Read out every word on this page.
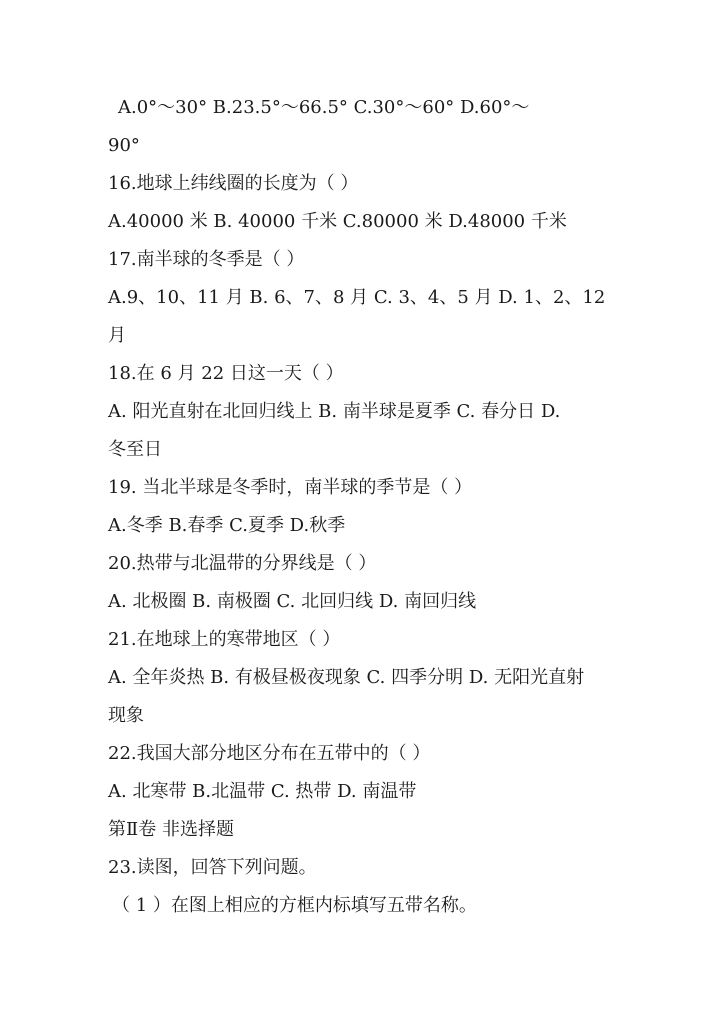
A.0°～30° B.23.5°～66.5° C.30°～60° D.60°～
90°
16.地球上纬线圈的长度为（ ）
A.40000 米 B. 40000 千米 C.80000 米 D.48000 千米
17.南半球的冬季是（ ）
A.9、10、11 月 B. 6、7、8 月 C. 3、4、5 月 D. 1、2、12
月
18.在 6 月 22 日这一天（ ）
A. 阳光直射在北回归线上 B. 南半球是夏季 C. 春分日 D.
冬至日
19. 当北半球是冬季时，南半球的季节是（ ）
A.冬季 B.春季 C.夏季 D.秋季
20.热带与北温带的分界线是（ ）
A. 北极圈 B. 南极圈 C. 北回归线 D. 南回归线
21.在地球上的寒带地区（ ）
A. 全年炎热 B. 有极昼极夜现象 C. 四季分明 D. 无阳光直射
现象
22.我国大部分地区分布在五带中的（ ）
A. 北寒带 B.北温带 C. 热带 D. 南温带
第Ⅱ卷 非选择题
23.读图，回答下列问题。
（ 1 ）在图上相应的方框内标填写五带名称。
